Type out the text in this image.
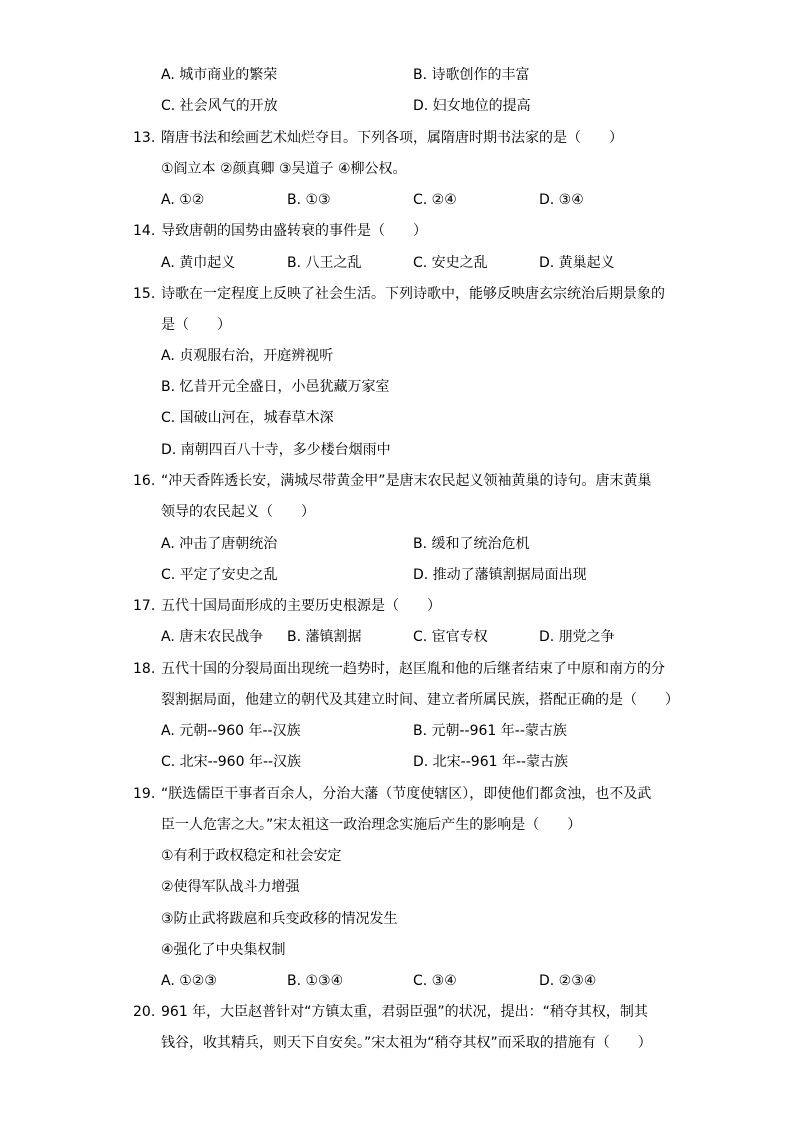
A. 城市商业的繁荣	B. 诗歌创作的丰富
C. 社会风气的开放	D. 妇女地位的提高
13. 隋唐书法和绘画艺术灿烂夺目。下列各项，属隋唐时期书法家的是（　　）
①阎立本 ②颜真卿 ③吴道子 ④柳公权。
A. ①②	B. ①③	C. ②④	D. ③④
14. 导致唐朝的国势由盛转衰的事件是（　　）
A. 黄巾起义	B. 八王之乱	C. 安史之乱	D. 黄巢起义
15. 诗歌在一定程度上反映了社会生活。下列诗歌中，能够反映唐玄宗统治后期景象的
是（　　）
A. 贞观服右治，开庭辨视听
B. 忆昔开元全盛日，小邑犹藏万家室
C. 国破山河在，城春草木深
D. 南朝四百八十寺，多少楼台烟雨中
16. “冲天香阵透长安，满城尽带黄金甲”是唐末农民起义领袖黄巢的诗句。唐末黄巢
领导的农民起义（　　）
A. 冲击了唐朝统治	B. 缓和了统治危机
C. 平定了安史之乱	D. 推动了藩镇割据局面出现
17. 五代十国局面形成的主要历史根源是（　　）
A. 唐末农民战争 B. 藩镇割据	C. 宦官专权	D. 朋党之争
18. 五代十国的分裂局面出现统一趋势时，赵匡胤和他的后继者结束了中原和南方的分
裂割据局面，他建立的朝代及其建立时间、建立者所属民族，搭配正确的是（　　）
A. 元朝--960 年--汉族	B. 元朝--961 年--蒙古族
C. 北宋--960 年--汉族	D. 北宋--961 年--蒙古族
19. “朕选儒臣干事者百余人，分治大藩（节度使辖区），即使他们都贪浊，也不及武
臣一人危害之大。”宋太祖这一政治理念实施后产生的影响是（　　）
①有利于政权稳定和社会安定
②使得军队战斗力增强
③防止武将跋扈和兵变政移的情况发生
④强化了中央集权制
A. ①②③	B. ①③④	C. ③④	D. ②③④
20. 961 年，大臣赵普针对“方镇太重，君弱臣强”的状况，提出：“稍夺其权，制其
钱谷，收其精兵，则天下自安矣。”宋太祖为“稍夺其权”而采取的措施有（　　）
